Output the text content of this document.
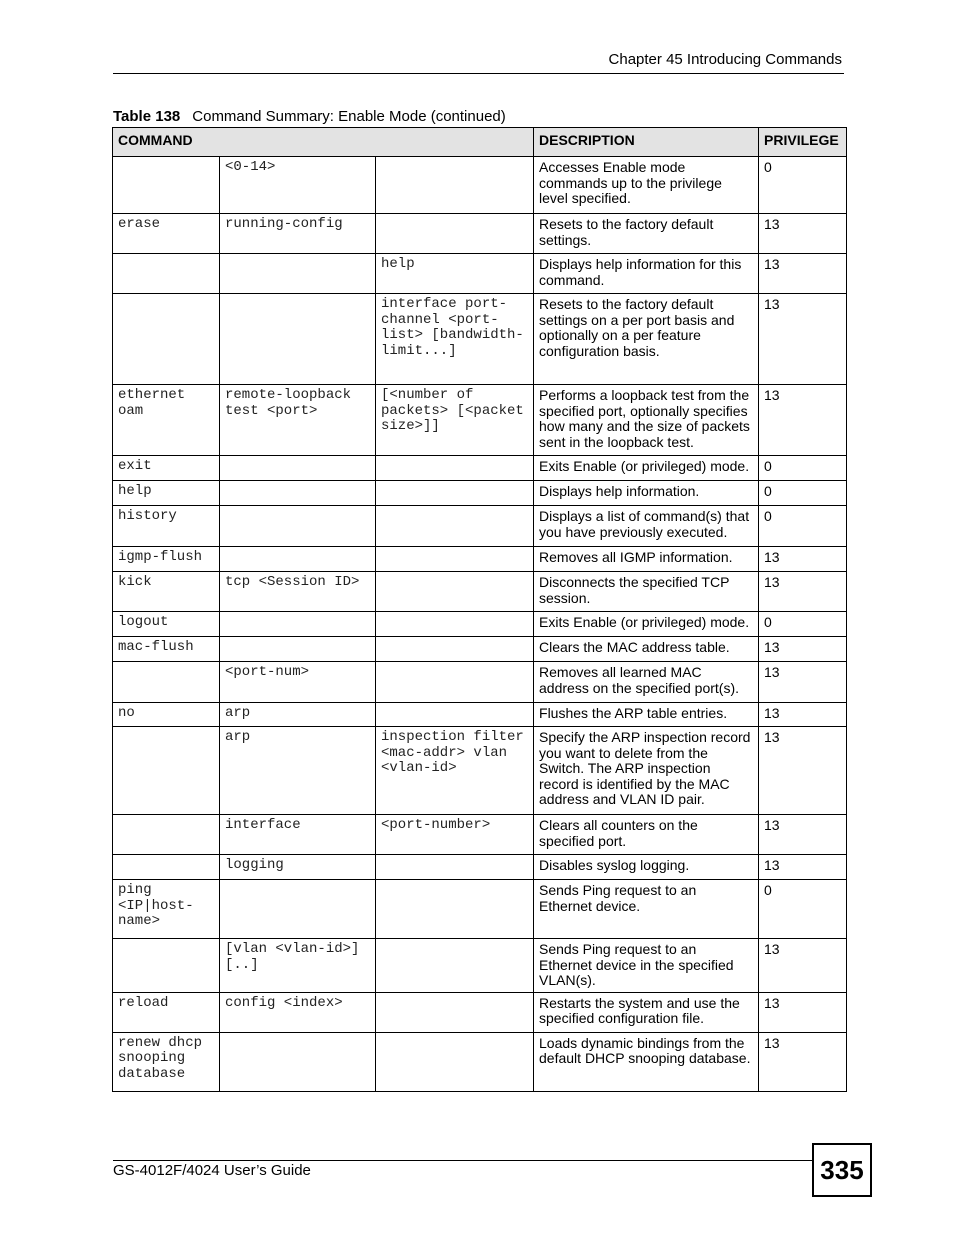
Chapter 45 Introducing Commands
Table 138 Command Summary: Enable Mode (continued)
COMMAND			DESCRIPTION	PRIVILEGE
	<0-14>		Accesses Enable mode commands up to the privilege level specified.	0
erase	running-config		Resets to the factory default settings.	13
		help	Displays help information for this command.	13
		interface port-channel <port-list> [bandwidth-limit...]	Resets to the factory default settings on a per port basis and optionally on a per feature configuration basis.	13
ethernet oam	remote-loopback test <port>	[<number of packets> [<packet size>]]	Performs a loopback test from the specified port, optionally specifies how many and the size of packets sent in the loopback test.	13
exit			Exits Enable (or privileged) mode.	0
help			Displays help information.	0
history			Displays a list of command(s) that you have previously executed.	0
igmp-flush			Removes all IGMP information.	13
kick	tcp <Session ID>		Disconnects the specified TCP session.	13
logout			Exits Enable (or privileged) mode.	0
mac-flush			Clears the MAC address table.	13
	<port-num>		Removes all learned MAC address on the specified port(s).	13
no	arp		Flushes the ARP table entries.	13
	arp	inspection filter <mac-addr> vlan <vlan-id>	Specify the ARP inspection record you want to delete from the Switch. The ARP inspection record is identified by the MAC address and VLAN ID pair.	13
	interface	<port-number>	Clears all counters on the specified port.	13
	logging		Disables syslog logging.	13
ping <IP|host-name>			Sends Ping request to an Ethernet device.	0
	[vlan <vlan-id>][..]		Sends Ping request to an Ethernet device in the specified VLAN(s).	13
reload	config <index>		Restarts the system and use the specified configuration file.	13
renew dhcp snooping database			Loads dynamic bindings from the default DHCP snooping database.	13
GS-4012F/4024 User’s Guide	335
